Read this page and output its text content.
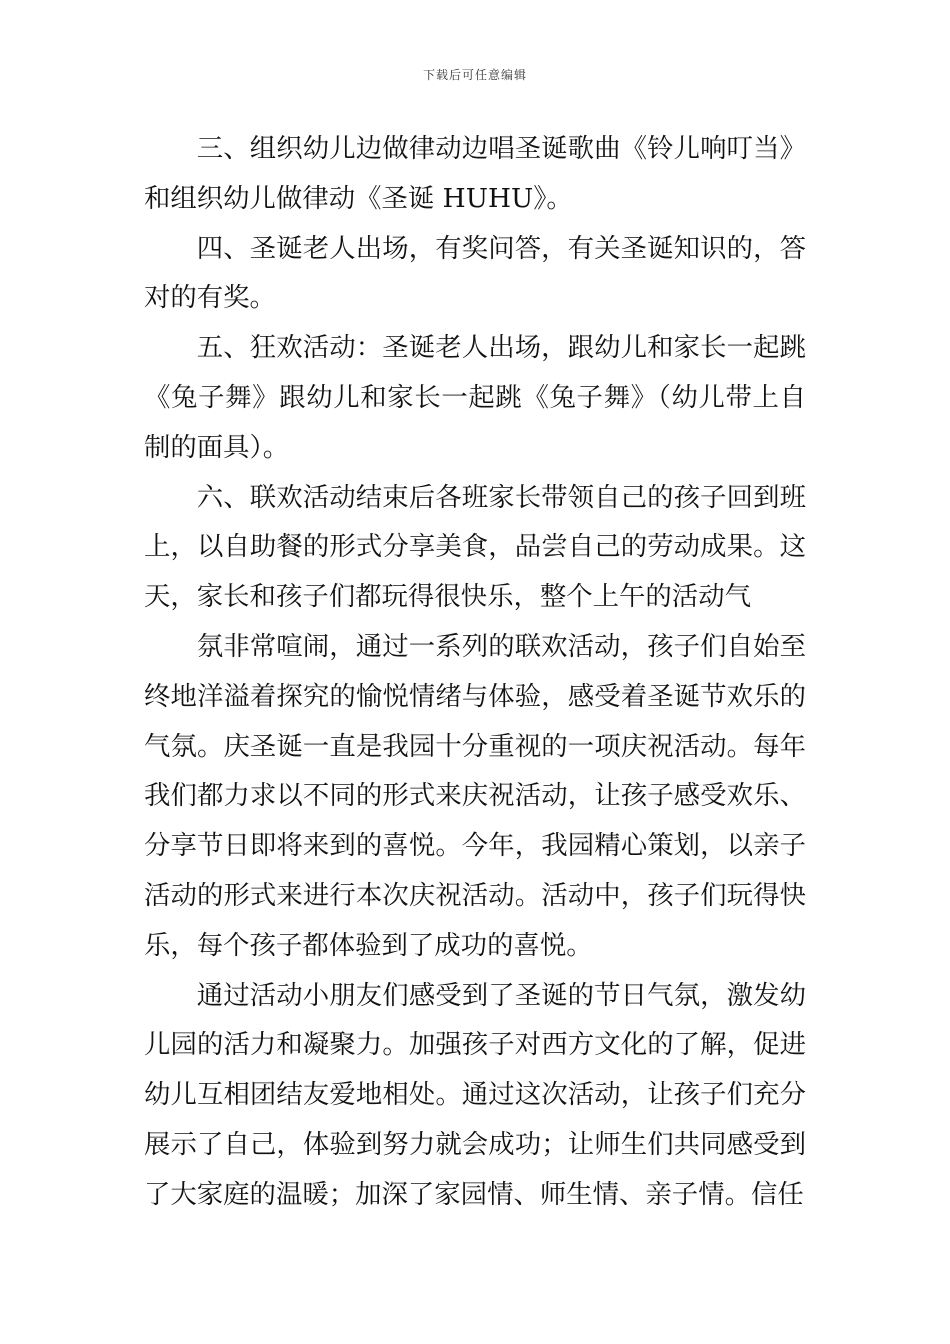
下载后可任意编辑

三、组织幼儿边做律动边唱圣诞歌曲《铃儿响叮当》和组织幼儿做律动《圣诞 HUHU》。

四、圣诞老人出场，有奖问答，有关圣诞知识的，答对的有奖。

五、狂欢活动：圣诞老人出场，跟幼儿和家长一起跳《兔子舞》跟幼儿和家长一起跳《兔子舞》（幼儿带上自制的面具）。

六、联欢活动结束后各班家长带领自己的孩子回到班上，以自助餐的形式分享美食，品尝自己的劳动成果。这天，家长和孩子们都玩得很快乐，整个上午的活动气

氛非常喧闹，通过一系列的联欢活动，孩子们自始至终地洋溢着探究的愉悦情绪与体验，感受着圣诞节欢乐的气氛。庆圣诞一直是我园十分重视的一项庆祝活动。每年我们都力求以不同的形式来庆祝活动，让孩子感受欢乐、分享节日即将来到的喜悦。今年，我园精心策划，以亲子活动的形式来进行本次庆祝活动。活动中，孩子们玩得快乐，每个孩子都体验到了成功的喜悦。

通过活动小朋友们感受到了圣诞的节日气氛，激发幼儿园的活力和凝聚力。加强孩子对西方文化的了解，促进幼儿互相团结友爱地相处。通过这次活动，让孩子们充分展示了自己，体验到努力就会成功；让师生们共同感受到了大家庭的温暖；加深了家园情、师生情、亲子情。信任
